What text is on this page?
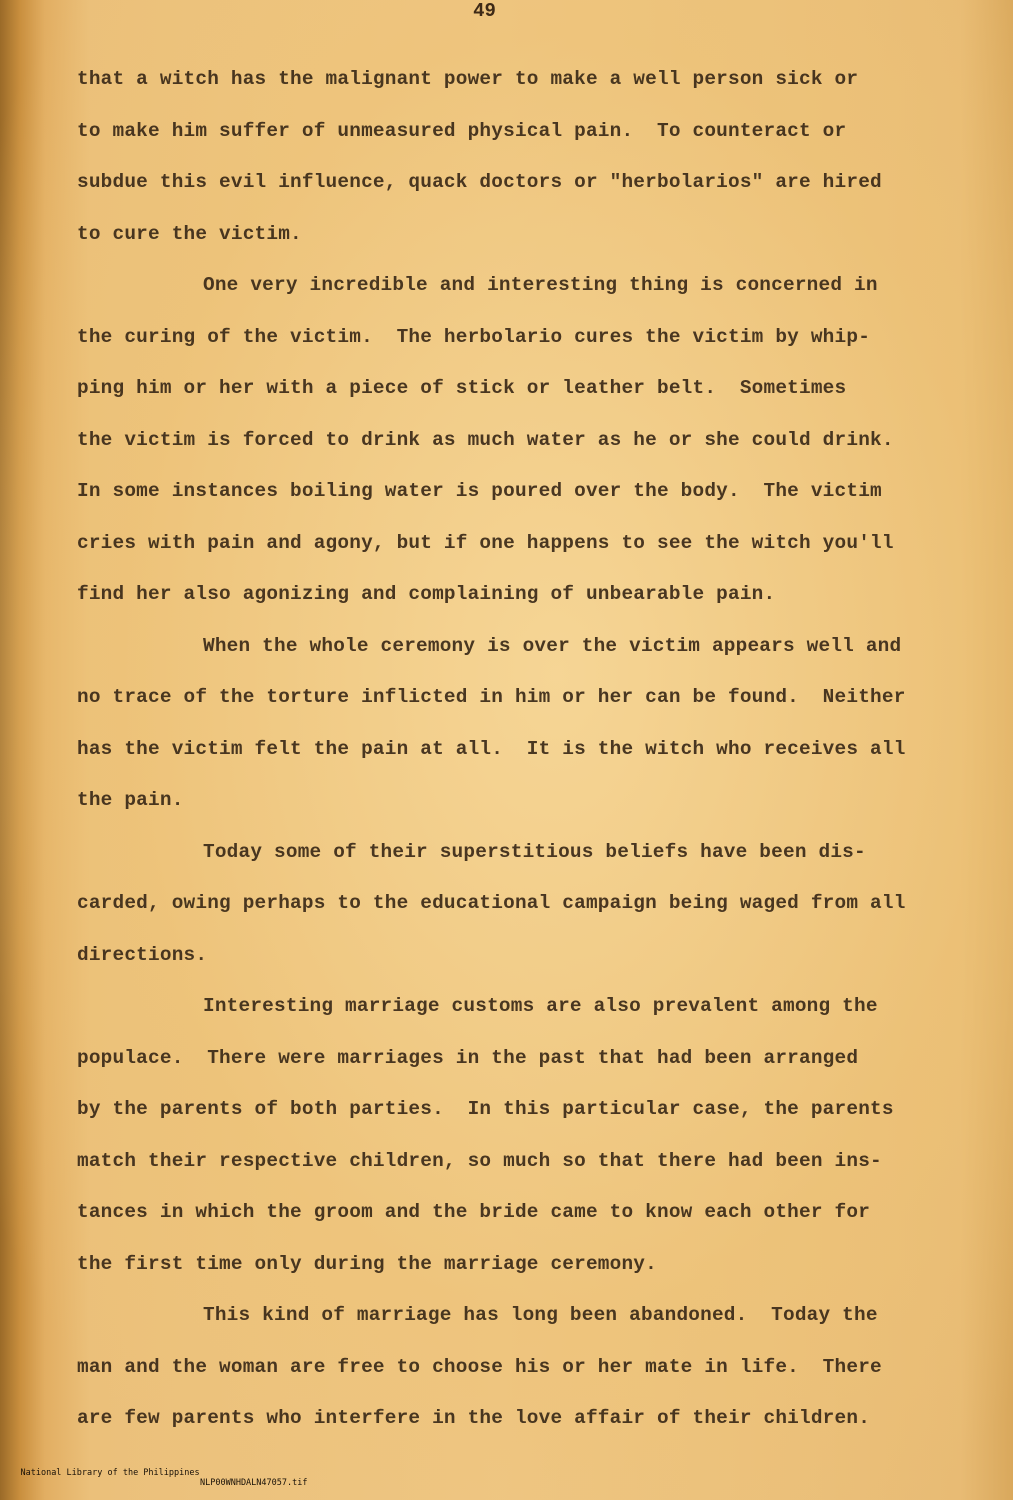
49
that a witch has the malignant power to make a well person sick or
to make him suffer of unmeasured physical pain.  To counteract or
subdue this evil influence, quack doctors or "herbolarios" are hired
to cure the victim.
One very incredible and interesting thing is concerned in
the curing of the victim.  The herbolario cures the victim by whip-
ping him or her with a piece of stick or leather belt.  Sometimes
the victim is forced to drink as much water as he or she could drink.
In some instances boiling water is poured over the body.  The victim
cries with pain and agony, but if one happens to see the witch you'll
find her also agonizing and complaining of unbearable pain.
When the whole ceremony is over the victim appears well and
no trace of the torture inflicted in him or her can be found.  Neither
has the victim felt the pain at all.  It is the witch who receives all
the pain.
Today some of their superstitious beliefs have been dis-
carded, owing perhaps to the educational campaign being waged from all
directions.
Interesting marriage customs are also prevalent among the
populace.  There were marriages in the past that had been arranged
by the parents of both parties.  In this particular case, the parents
match their respective children, so much so that there had been ins-
tances in which the groom and the bride came to know each other for
the first time only during the marriage ceremony.
This kind of marriage has long been abandoned.  Today the
man and the woman are free to choose his or her mate in life.  There
are few parents who interfere in the love affair of their children.

National Library of the Philippines

NLP00WNHDALN47057.tif
